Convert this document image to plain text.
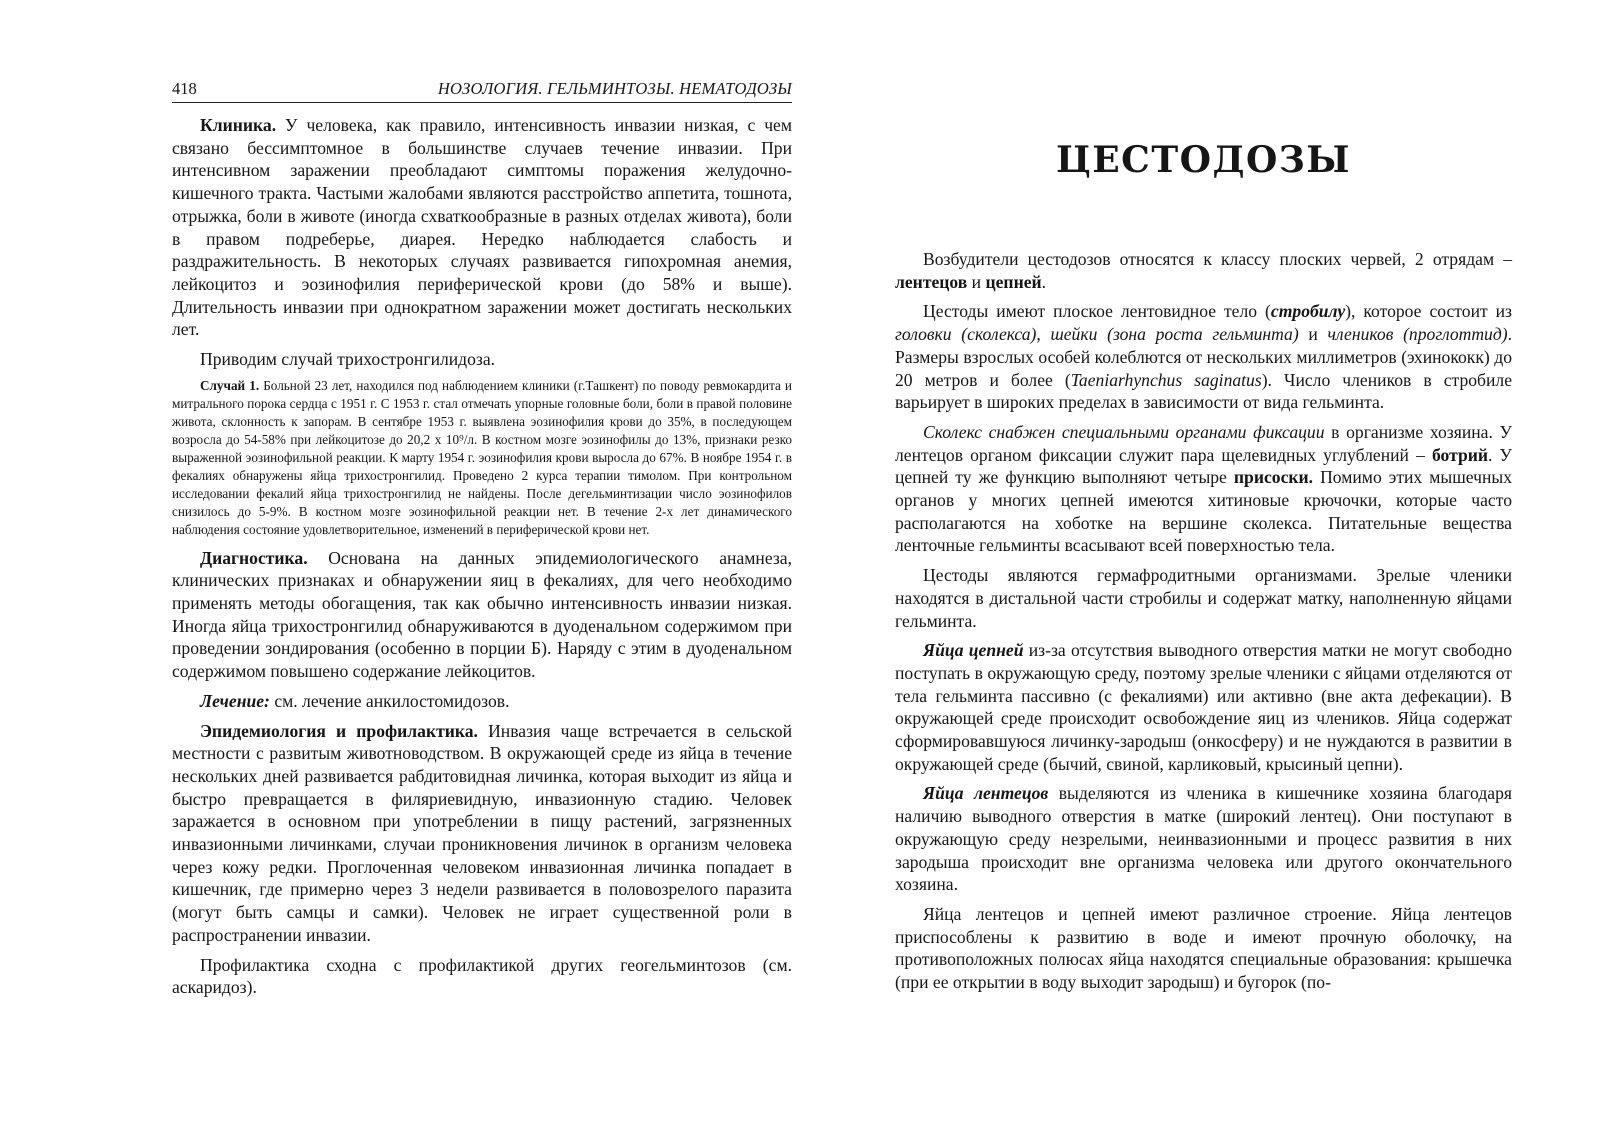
418	НОЗОЛОГИЯ. ГЕЛЬМИНТОЗЫ. НЕМАТОДОЗЫ

Клиника. У человека, как правило, интенсивность инвазии низкая, с чем связано бессимптомное в большинстве случаев течение инвазии. При интенсивном заражении преобладают симптомы поражения желудочно-кишечного тракта. Частыми жалобами являются расстройство аппетита, тошнота, отрыжка, боли в животе (иногда схваткообразные в разных отделах живота), боли в правом подреберье, диарея. Нередко наблюдается слабость и раздражительность. В некоторых случаях развивается гипохромная анемия, лейкоцитоз и эозинофилия периферической крови (до 58% и выше). Длительность инвазии при однократном заражении может достигать нескольких лет.

Приводим случай трихостронгилидоза.

Случай 1. Больной 23 лет, находился под наблюдением клиники (г.Ташкент) по поводу ревмокардита и митрального порока сердца с 1951 г. С 1953 г. стал отмечать упорные головные боли, боли в правой половине живота, склонность к запорам. В сентябре 1953 г. выявлена эозинофилия крови до 35%, в последующем возросла до 54-58% при лейкоцитозе до 20,2 х 10⁹/л. В костном мозге эозинофилы до 13%, признаки резко выраженной эозинофильной реакции. К марту 1954 г. эозинофилия крови выросла до 67%. В ноябре 1954 г. в фекалиях обнаружены яйца трихостронгилид. Проведено 2 курса терапии тимолом. При контрольном исследовании фекалий яйца трихостронгилид не найдены. После дегельминтизации число эозинофилов снизилось до 5-9%. В костном мозге эозинофильной реакции нет. В течение 2-х лет динамического наблюдения состояние удовлетворительное, изменений в периферической крови нет.

Диагностика. Основана на данных эпидемиологического анамнеза, клинических признаках и обнаружении яиц в фекалиях, для чего необходимо применять методы обогащения, так как обычно интенсивность инвазии низкая. Иногда яйца трихостронгилид обнаруживаются в дуоденальном содержимом при проведении зондирования (особенно в порции Б). Наряду с этим в дуоденальном содержимом повышено содержание лейкоцитов.

Лечение: см. лечение анкилостомидозов.

Эпидемиология и профилактика. Инвазия чаще встречается в сельской местности с развитым животноводством. В окружающей среде из яйца в течение нескольких дней развивается рабдитовидная личинка, которая выходит из яйца и быстро превращается в филяриевидную, инвазионную стадию. Человек заражается в основном при употреблении в пищу растений, загрязненных инвазионными личинками, случаи проникновения личинок в организм человека через кожу редки. Проглоченная человеком инвазионная личинка попадает в кишечник, где примерно через 3 недели развивается в половозрелого паразита (могут быть самцы и самки). Человек не играет существенной роли в распространении инвазии.

Профилактика сходна с профилактикой других геогельминтозов (см. аскаридоз).

ЦЕСТОДОЗЫ

Возбудители цестодозов относятся к классу плоских червей, 2 отрядам – лентецов и цепней.

Цестоды имеют плоское лентовидное тело (стробилу), которое состоит из головки (сколекса), шейки (зона роста гельминта) и члеников (проглоттид). Размеры взрослых особей колеблются от нескольких миллиметров (эхинококк) до 20 метров и более (Taeniarhynchus saginatus). Число члеников в стробиле варьирует в широких пределах в зависимости от вида гельминта.

Сколекс снабжен специальными органами фиксации в организме хозяина. У лентецов органом фиксации служит пара щелевидных углублений – ботрий. У цепней ту же функцию выполняют четыре присоски. Помимо этих мышечных органов у многих цепней имеются хитиновые крючочки, которые часто располагаются на хоботке на вершине сколекса. Питательные вещества ленточные гельминты всасывают всей поверхностью тела.

Цестоды являются гермафродитными организмами. Зрелые членики находятся в дистальной части стробилы и содержат матку, наполненную яйцами гельминта.

Яйца цепней из-за отсутствия выводного отверстия матки не могут свободно поступать в окружающую среду, поэтому зрелые членики с яйцами отделяются от тела гельминта пассивно (с фекалиями) или активно (вне акта дефекации). В окружающей среде происходит освобождение яиц из члеников. Яйца содержат сформировавшуюся личинку-зародыш (онкосферу) и не нуждаются в развитии в окружающей среде (бычий, свиной, карликовый, крысиный цепни).

Яйца лентецов выделяются из членика в кишечнике хозяина благодаря наличию выводного отверстия в матке (широкий лентец). Они поступают в окружающую среду незрелыми, неинвазионными и процесс развития в них зародыша происходит вне организма человека или другого окончательного хозяина.

Яйца лентецов и цепней имеют различное строение. Яйца лентецов приспособлены к развитию в воде и имеют прочную оболочку, на противоположных полюсах яйца находятся специальные образования: крышечка (при ее открытии в воду выходит зародыш) и бугорок (по-
